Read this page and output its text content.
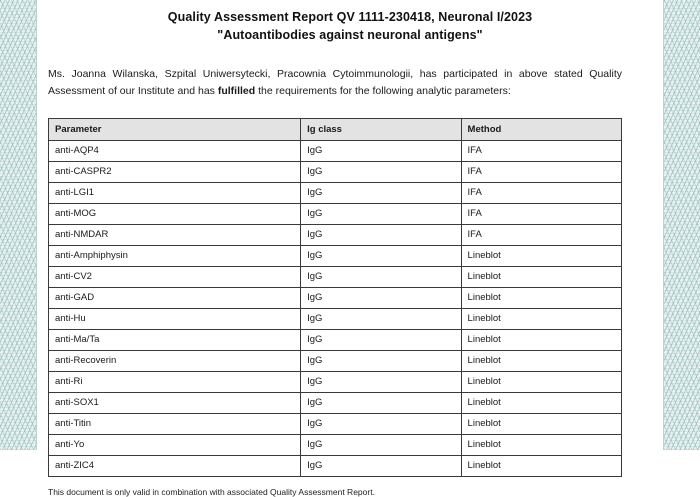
Quality Assessment Report QV 1111-230418, Neuronal I/2023
"Autoantibodies against neuronal antigens"

Ms. Joanna Wilanska, Szpital Uniwersytecki, Pracownia Cytoimmunologii, has participated in above stated Quality Assessment of our Institute and has fulfilled the requirements for the following analytic parameters:

Parameter	Ig class	Method
anti-AQP4	IgG	IFA
anti-CASPR2	IgG	IFA
anti-LGI1	IgG	IFA
anti-MOG	IgG	IFA
anti-NMDAR	IgG	IFA
anti-Amphiphysin	IgG	Lineblot
anti-CV2	IgG	Lineblot
anti-GAD	IgG	Lineblot
anti-Hu	IgG	Lineblot
anti-Ma/Ta	IgG	Lineblot
anti-Recoverin	IgG	Lineblot
anti-Ri	IgG	Lineblot
anti-SOX1	IgG	Lineblot
anti-Titin	IgG	Lineblot
anti-Yo	IgG	Lineblot
anti-ZIC4	IgG	Lineblot
This document is only valid in combination with associated Quality Assessment Report.
